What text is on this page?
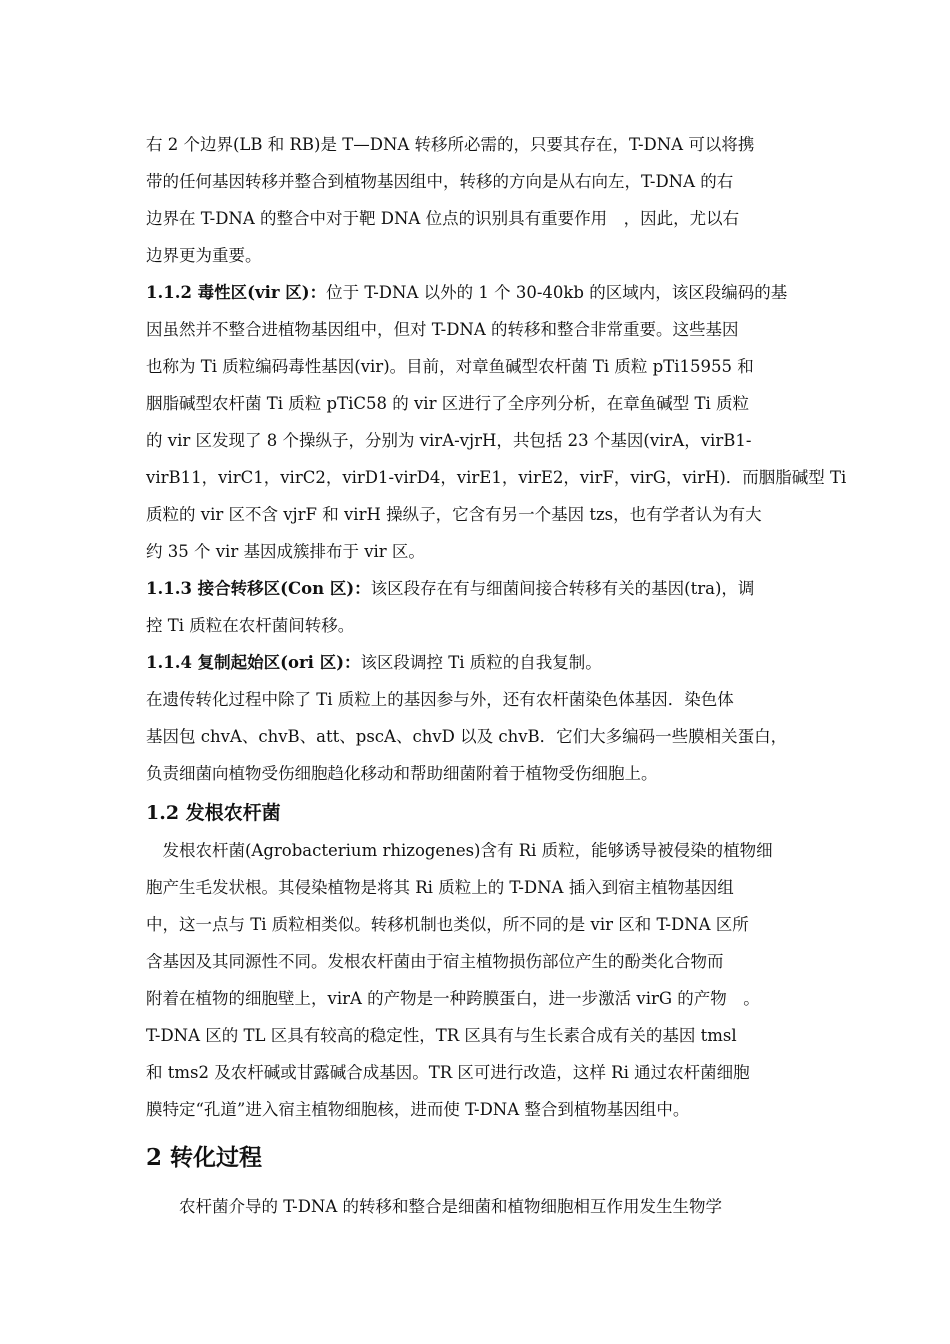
右 2 个边界(LB 和 RB)是 T—DNA 转移所必需的，只要其存在，T-DNA 可以将携
带的任何基因转移并整合到植物基因组中，转移的方向是从右向左，T-DNA 的右
边界在 T-DNA 的整合中对于靶 DNA 位点的识别具有重要作用　，因此，尤以右
边界更为重要。
1.1.2 毒性区(vir 区)：位于 T-DNA 以外的 1 个 30-40kb 的区域内，该区段编码的基
因虽然并不整合进植物基因组中，但对 T-DNA 的转移和整合非常重要。这些基因
也称为 Ti 质粒编码毒性基因(vir)。目前，对章鱼碱型农杆菌 Ti 质粒 pTi15955 和
胭脂碱型农杆菌 Ti 质粒 pTiC58 的 vir 区进行了全序列分析，在章鱼碱型 Ti 质粒
的 vir 区发现了 8 个操纵子，分别为 virA-vjrH，共包括 23 个基因(virA，virB1-
virB11，virC1，virC2，virD1-virD4，virE1，virE2，virF，virG，virH)．而胭脂碱型 Ti
质粒的 vir 区不含 vjrF 和 virH 操纵子，它含有另一个基因 tzs，也有学者认为有大
约 35 个 vir 基因成簇排布于 vir 区。
1.1.3 接合转移区(Con 区)：该区段存在有与细菌间接合转移有关的基因(tra)，调
控 Ti 质粒在农杆菌间转移。
1.1.4 复制起始区(ori 区)：该区段调控 Ti 质粒的自我复制。
在遗传转化过程中除了 Ti 质粒上的基因参与外，还有农杆菌染色体基因．染色体
基因包 chvA、chvB、att、pscA、chvD 以及 chvB．它们大多编码一些膜相关蛋白，
负责细菌向植物受伤细胞趋化移动和帮助细菌附着于植物受伤细胞上。
1.2 发根农杆菌
　发根农杆菌(Agrobacterium rhizogenes)含有 Ri 质粒，能够诱导被侵染的植物细
胞产生毛发状根。其侵染植物是将其 Ri 质粒上的 T-DNA 插入到宿主植物基因组
中，这一点与 Ti 质粒相类似。转移机制也类似，所不同的是 vir 区和 T-DNA 区所
含基因及其同源性不同。发根农杆菌由于宿主植物损伤部位产生的酚类化合物而
附着在植物的细胞壁上，virA 的产物是一种跨膜蛋白，进一步激活 virG 的产物　。
T-DNA 区的 TL 区具有较高的稳定性，TR 区具有与生长素合成有关的基因 tmsl
和 tms2 及农杆碱或甘露碱合成基因。TR 区可进行改造，这样 Ri 通过农杆菌细胞
膜特定“孔道”进入宿主植物细胞核，进而使 T-DNA 整合到植物基因组中。
2 转化过程
　　农杆菌介导的 T-DNA 的转移和整合是细菌和植物细胞相互作用发生生物学
